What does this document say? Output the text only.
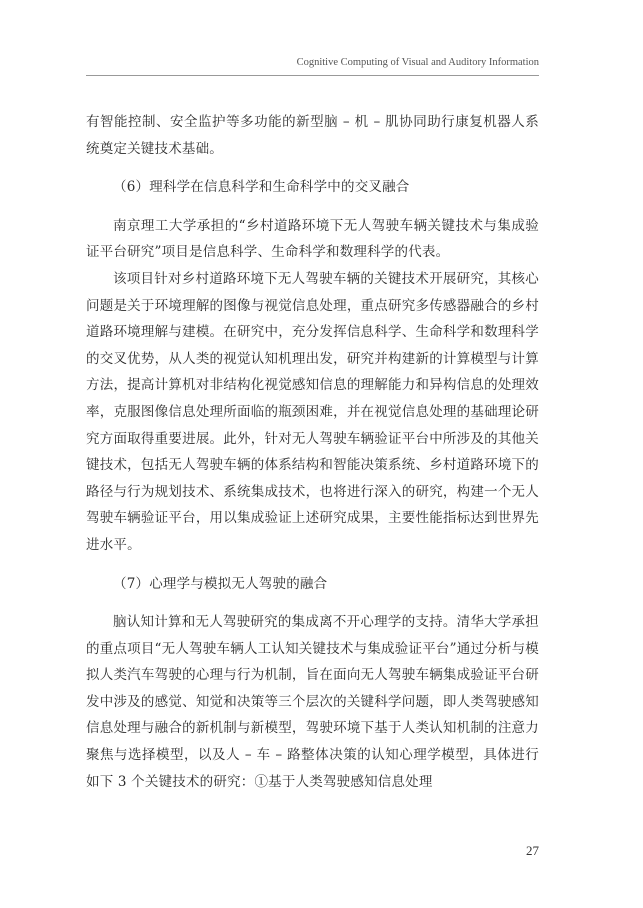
Cognitive Computing of Visual and Auditory Information

有智能控制、安全监护等多功能的新型脑 – 机 – 肌协同助行康复机器人系统奠定关键技术基础。

（6）理科学在信息科学和生命科学中的交叉融合

南京理工大学承担的“乡村道路环境下无人驾驶车辆关键技术与集成验证平台研究”项目是信息科学、生命科学和数理科学的代表。

该项目针对乡村道路环境下无人驾驶车辆的关键技术开展研究，其核心问题是关于环境理解的图像与视觉信息处理，重点研究多传感器融合的乡村道路环境理解与建模。在研究中，充分发挥信息科学、生命科学和数理科学的交叉优势，从人类的视觉认知机理出发，研究并构建新的计算模型与计算方法，提高计算机对非结构化视觉感知信息的理解能力和异构信息的处理效率，克服图像信息处理所面临的瓶颈困难，并在视觉信息处理的基础理论研究方面取得重要进展。此外，针对无人驾驶车辆验证平台中所涉及的其他关键技术，包括无人驾驶车辆的体系结构和智能决策系统、乡村道路环境下的路径与行为规划技术、系统集成技术，也将进行深入的研究，构建一个无人驾驶车辆验证平台，用以集成验证上述研究成果，主要性能指标达到世界先进水平。

（7）心理学与模拟无人驾驶的融合

脑认知计算和无人驾驶研究的集成离不开心理学的支持。清华大学承担的重点项目“无人驾驶车辆人工认知关键技术与集成验证平台”通过分析与模拟人类汽车驾驶的心理与行为机制，旨在面向无人驾驶车辆集成验证平台研发中涉及的感觉、知觉和决策等三个层次的关键科学问题，即人类驾驶感知信息处理与融合的新机制与新模型，驾驶环境下基于人类认知机制的注意力聚焦与选择模型，以及人 – 车 – 路整体决策的认知心理学模型，具体进行如下 3 个关键技术的研究：①基于人类驾驶感知信息处理

27
